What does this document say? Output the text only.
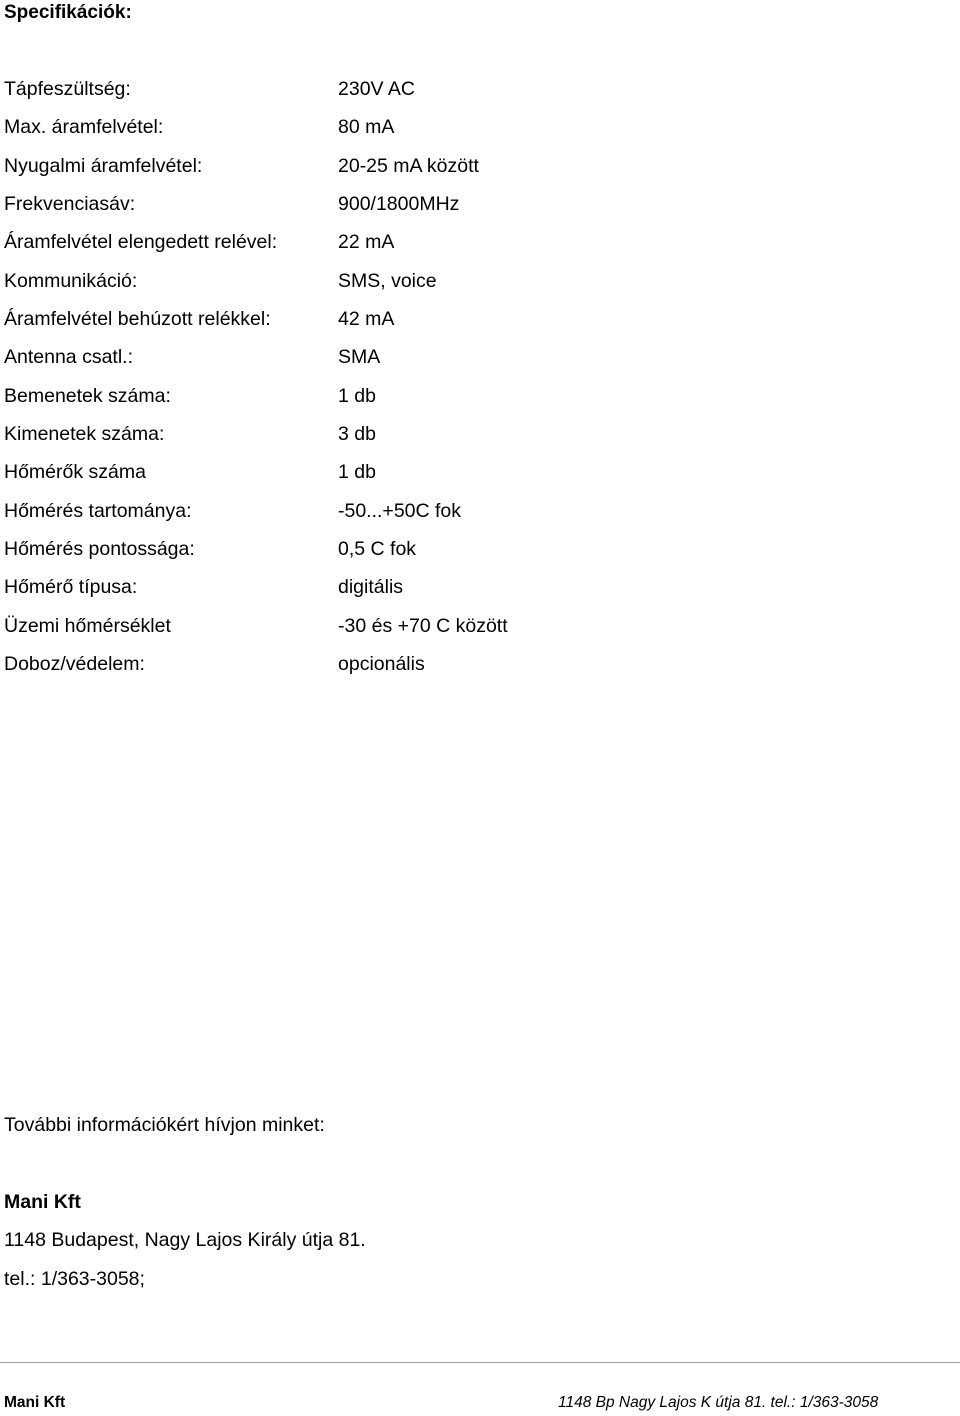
Specifikációk:
Tápfeszültség:	230V AC
Max. áramfelvétel:	80 mA
Nyugalmi áramfelvétel:	20-25 mA között
Frekvenciasáv:	900/1800MHz
Áramfelvétel elengedett relével:	22 mA
Kommunikáció:	SMS, voice
Áramfelvétel behúzott relékkel:	42 mA
Antenna csatl.:	SMA
Bemenetek száma:	1 db
Kimenetek száma:	3 db
Hőmérők száma	1 db
Hőmérés tartománya:	-50...+50C fok
Hőmérés pontossága:	0,5 C fok
Hőmérő típusa:	digitális
Üzemi hőmérséklet	-30 és +70 C között
Doboz/védelem:	opcionális
További információkért hívjon minket:
Mani Kft
1148 Budapest, Nagy Lajos Király útja 81.
tel.: 1/363-3058;
Mani Kft	1148 Bp Nagy Lajos K útja 81. tel.: 1/363-3058
